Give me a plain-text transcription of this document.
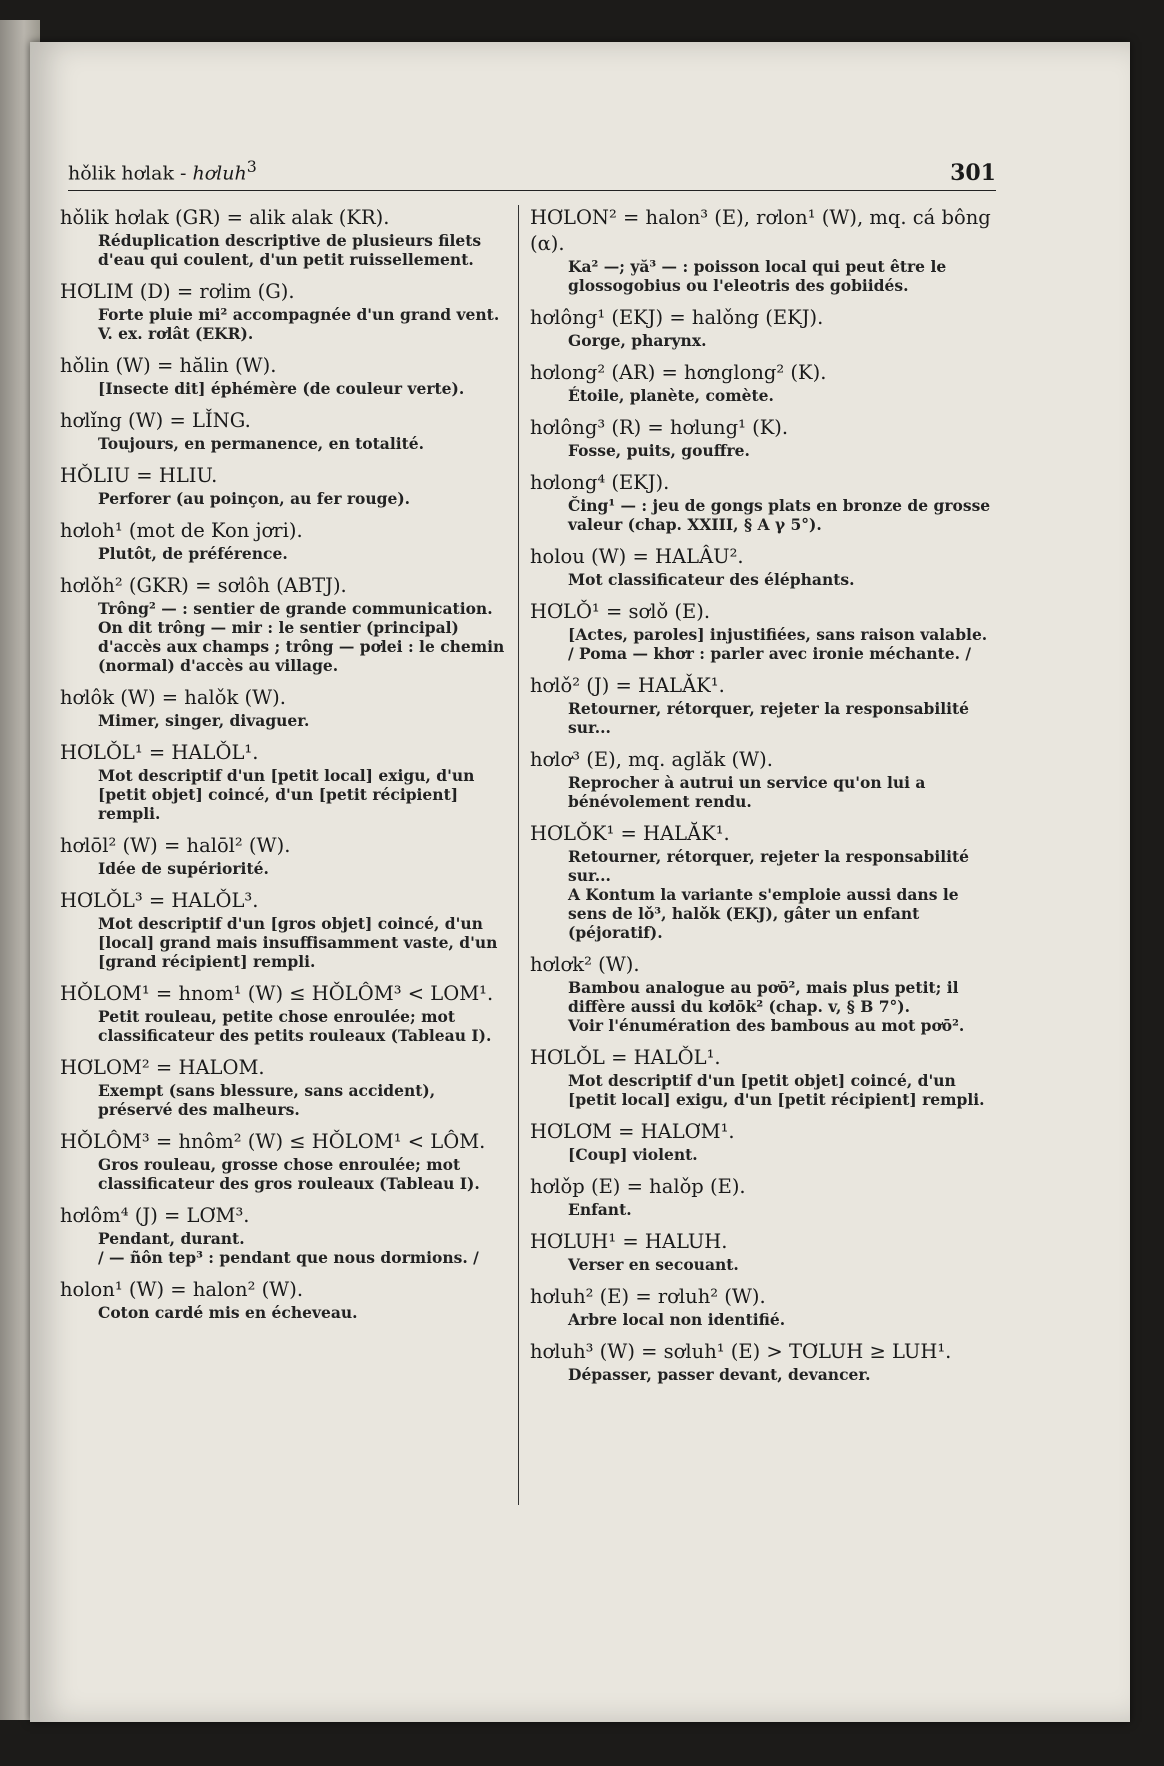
hǒlik hơlak - hơluh$^3$	301
hǒlik hơlak (GR) = alik alak (KR).
Réduplication descriptive de plusieurs filets d'eau qui coulent, d'un petit ruissellement.
HƠLIM (D) = rơlim (G).
Forte pluie mi² accompagnée d'un grand vent.
V. ex. rơlât (EKR).
hǒlin (W) = hălin (W).
[Insecte dit] éphémère (de couleur verte).
hơlǐng (W) = LǏNG.
Toujours, en permanence, en totalité.
HǑLIU = HLIU.
Perforer (au poinçon, au fer rouge).
hơloh¹ (mot de Kon jơri).
Plutôt, de préférence.
hơlǒh² (GKR) = sơlôh (ABTJ).
Trông² — : sentier de grande communication. On dit trông — mir : le sentier (principal) d'accès aux champs ; trông — pơlei : le chemin (normal) d'accès au village.
hơlôk (W) = halǒk (W).
Mimer, singer, divaguer.
HƠLǑL¹ = HALǑL¹.
Mot descriptif d'un [petit local] exigu, d'un [petit objet] coincé, d'un [petit récipient] rempli.
hơlōl² (W) = halōl² (W).
Idée de supériorité.
HƠLǑL³ = HALǑL³.
Mot descriptif d'un [gros objet] coincé, d'un [local] grand mais insuffisamment vaste, d'un [grand récipient] rempli.
HǑLOM¹ = hnom¹ (W) ≤ HǑLÔM³ < LOM¹.
Petit rouleau, petite chose enroulée; mot classificateur des petits rouleaux (Tableau I).
HƠLOM² = HALOM.
Exempt (sans blessure, sans accident), préservé des malheurs.
HǑLÔM³ = hnôm² (W) ≤ HǑLOM¹ < LÔM.
Gros rouleau, grosse chose enroulée; mot classificateur des gros rouleaux (Tableau I).
hơlôm⁴ (J) = LƠM³.
Pendant, durant.
/ — ñôn tep³ : pendant que nous dormions. /
holon¹ (W) = halon² (W).
Coton cardé mis en écheveau.
HƠLON² = halon³ (E), rơlon¹ (W), mq. cá bông (α).
Ka² —; yă³ — : poisson local qui peut être le glossogobius ou l'eleotris des gobiidés.
hơlông¹ (EKJ) = halǒng (EKJ).
Gorge, pharynx.
hơlong² (AR) = hơnglong² (K).
Étoile, planète, comète.
hơlông³ (R) = hơlung¹ (K).
Fosse, puits, gouffre.
hơlong⁴ (EKJ).
Čing¹ — : jeu de gongs plats en bronze de grosse valeur (chap. XXIII, § A γ 5°).
holou (W) = HALÂU².
Mot classificateur des éléphants.
HƠLǑ¹ = sơlǒ (E).
[Actes, paroles] injustifiées, sans raison valable.
/ Poma — khơr : parler avec ironie méchante. /
hơlǒ² (J) = HALǍK¹.
Retourner, rétorquer, rejeter la responsabilité sur...
hơlơ³ (E), mq. aglăk (W).
Reprocher à autrui un service qu'on lui a bénévolement rendu.
HƠLǑK¹ = HALĂK¹.
Retourner, rétorquer, rejeter la responsabilité sur...
A Kontum la variante s'emploie aussi dans le sens de lǒ³, halǒk (EKJ), gâter un enfant (péjoratif).
hơlơk² (W).
Bambou analogue au pơō², mais plus petit; il diffère aussi du kơlōk² (chap. v, § B 7°).
Voir l'énumération des bambous au mot pơō².
HƠLǑL = HALǑL¹.
Mot descriptif d'un [petit objet] coincé, d'un [petit local] exigu, d'un [petit récipient] rempli.
HƠLƠM = HALƠM¹.
[Coup] violent.
hơlǒp (E) = halǒp (E).
Enfant.
HƠLUH¹ = HALUH.
Verser en secouant.
hơluh² (E) = rơluh² (W).
Arbre local non identifié.
hơluh³ (W) = sơluh¹ (E) > TƠLUH ≥ LUH¹.
Dépasser, passer devant, devancer.
